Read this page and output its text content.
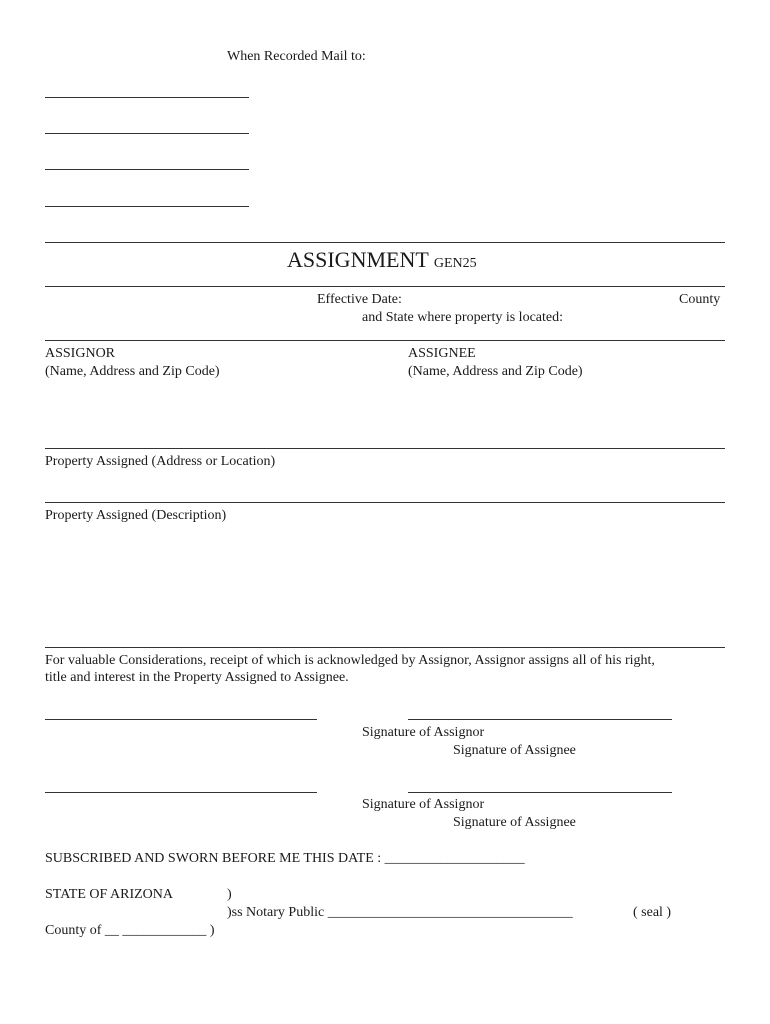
When Recorded Mail to:
ASSIGNMENT GEN25
Effective Date:	County
and State where property is located:
ASSIGNOR
(Name, Address and Zip Code)
ASSIGNEE
(Name, Address and Zip Code)
Property Assigned (Address or Location)
Property Assigned (Description)
For valuable Considerations, receipt of which is acknowledged by Assignor, Assignor assigns all of his right,
title and interest in the Property Assigned to Assignee.
Signature of Assignor
Signature of Assignee
Signature of Assignor
Signature of Assignee
SUBSCRIBED AND SWORN BEFORE ME THIS DATE : ____________________
STATE OF ARIZONA	)
)ss Notary Public ___________________________________	( seal )
County of __ ____________ )
